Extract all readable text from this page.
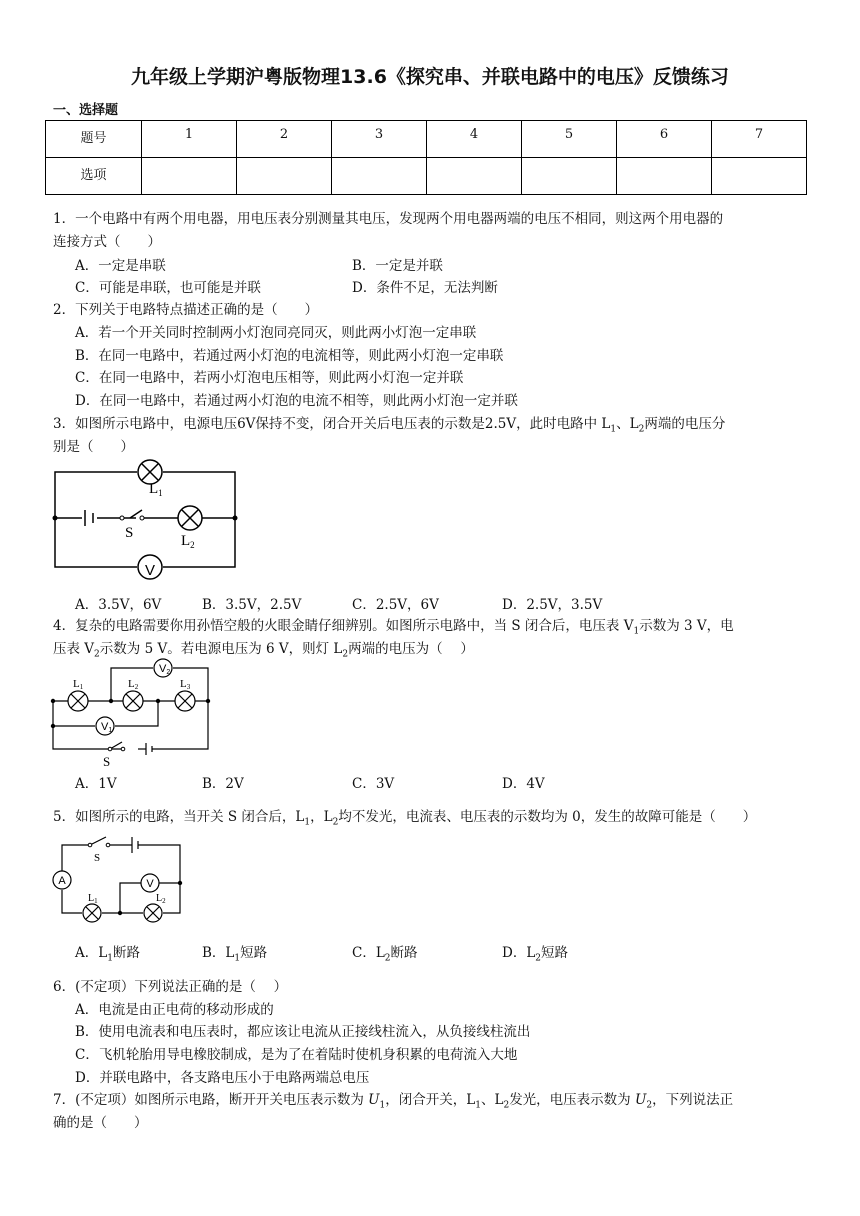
九年级上学期沪粤版物理13.6《探究串、并联电路中的电压》反馈练习
一、选择题
题号	1	2	3	4	5	6	7
选项							
1．一个电路中有两个用电器，用电压表分别测量其电压，发现两个用电器两端的电压不相同，则这两个用电器的
连接方式（　　）
A．一定是串联	B．一定是并联
C．可能是串联，也可能是并联	D．条件不足，无法判断
2．下列关于电路特点描述正确的是（　　）
A．若一个开关同时控制两小灯泡同亮同灭，则此两小灯泡一定串联
B．在同一电路中，若通过两小灯泡的电流相等，则此两小灯泡一定串联
C．在同一电路中，若两小灯泡电压相等，则此两小灯泡一定并联
D．在同一电路中，若通过两小灯泡的电流不相等，则此两小灯泡一定并联
3．如图所示电路中，电源电压6V保持不变，闭合开关后电压表的示数是2.5V，此时电路中 $L_1$、$L_2$两端的电压分
别是（　　）
V
$L_1$
S	$L_2$
A．3.5V，6V	B．3.5V，2.5V	C．2.5V，6V	D．2.5V，3.5V
4．复杂的电路需要你用孙悟空般的火眼金睛仔细辨别。如图所示电路中，当 S 闭合后，电压表 $V_1$示数为 3 V，电
压表 $V_2$示数为 5 V。若电源电压为 6 V，则灯 $L_2$两端的电压为（　 ）
V2
V1
L1	L2	L3
S
A．1V	B．2V	C．3V	D．4V
5．如图所示的电路，当开关 S 闭合后，$L_1$，$L_2$均不发光，电流表、电压表的示数均为 0，发生的故障可能是（　　）
A	V
S
$L_1$	$L_2$
A．$L_1$断路	B．$L_1$短路	C．$L_2$断路	D．$L_2$短路
6．(不定项）下列说法正确的是（　 ）
A．电流是由正电荷的移动形成的
B．使用电流表和电压表时，都应该让电流从正接线柱流入，从负接线柱流出
C．飞机轮胎用导电橡胶制成，是为了在着陆时使机身积累的电荷流入大地
D．并联电路中，各支路电压小于电路两端总电压
7．(不定项）如图所示电路，断开开关电压表示数为 $U_1$，闭合开关，$L_1$、$L_2$发光，电压表示数为 $U_2$，下列说法正
确的是（　　）
